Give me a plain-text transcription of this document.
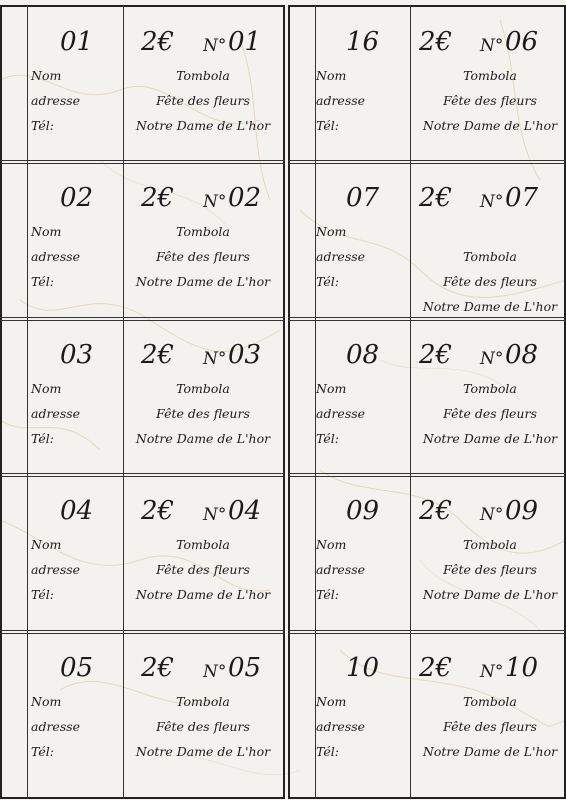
01
Nom
adresse
Tél:
2€ N° 01
Tombola
Fête des fleurs
Notre Dame de L'hor
02
Nom
adresse
Tél:
2€ N° 02
Tombola
Fête des fleurs
Notre Dame de L'hor
03
Nom
adresse
Tél:
2€ N° 03
Tombola
Fête des fleurs
Notre Dame de L'hor
04
Nom
adresse
Tél:
2€ N° 04
Tombola
Fête des fleurs
Notre Dame de L'hor
05
Nom
adresse
Tél:
2€ N° 05
Tombola
Fête des fleurs
Notre Dame de L'hor
16
Nom
adresse
Tél:
2€ N° 06
Tombola
Fête des fleurs
Notre Dame de L'hor
07
Nom
adresse
Tél:
2€ N° 07
Tombola
Fête des fleurs
Notre Dame de L'hor
08
Nom
adresse
Tél:
2€ N° 08
Tombola
Fête des fleurs
Notre Dame de L'hor
09
Nom
adresse
Tél:
2€ N° 09
Tombola
Fête des fleurs
Notre Dame de L'hor
10
Nom
adresse
Tél:
2€ N° 10
Tombola
Fête des fleurs
Notre Dame de L'hor
